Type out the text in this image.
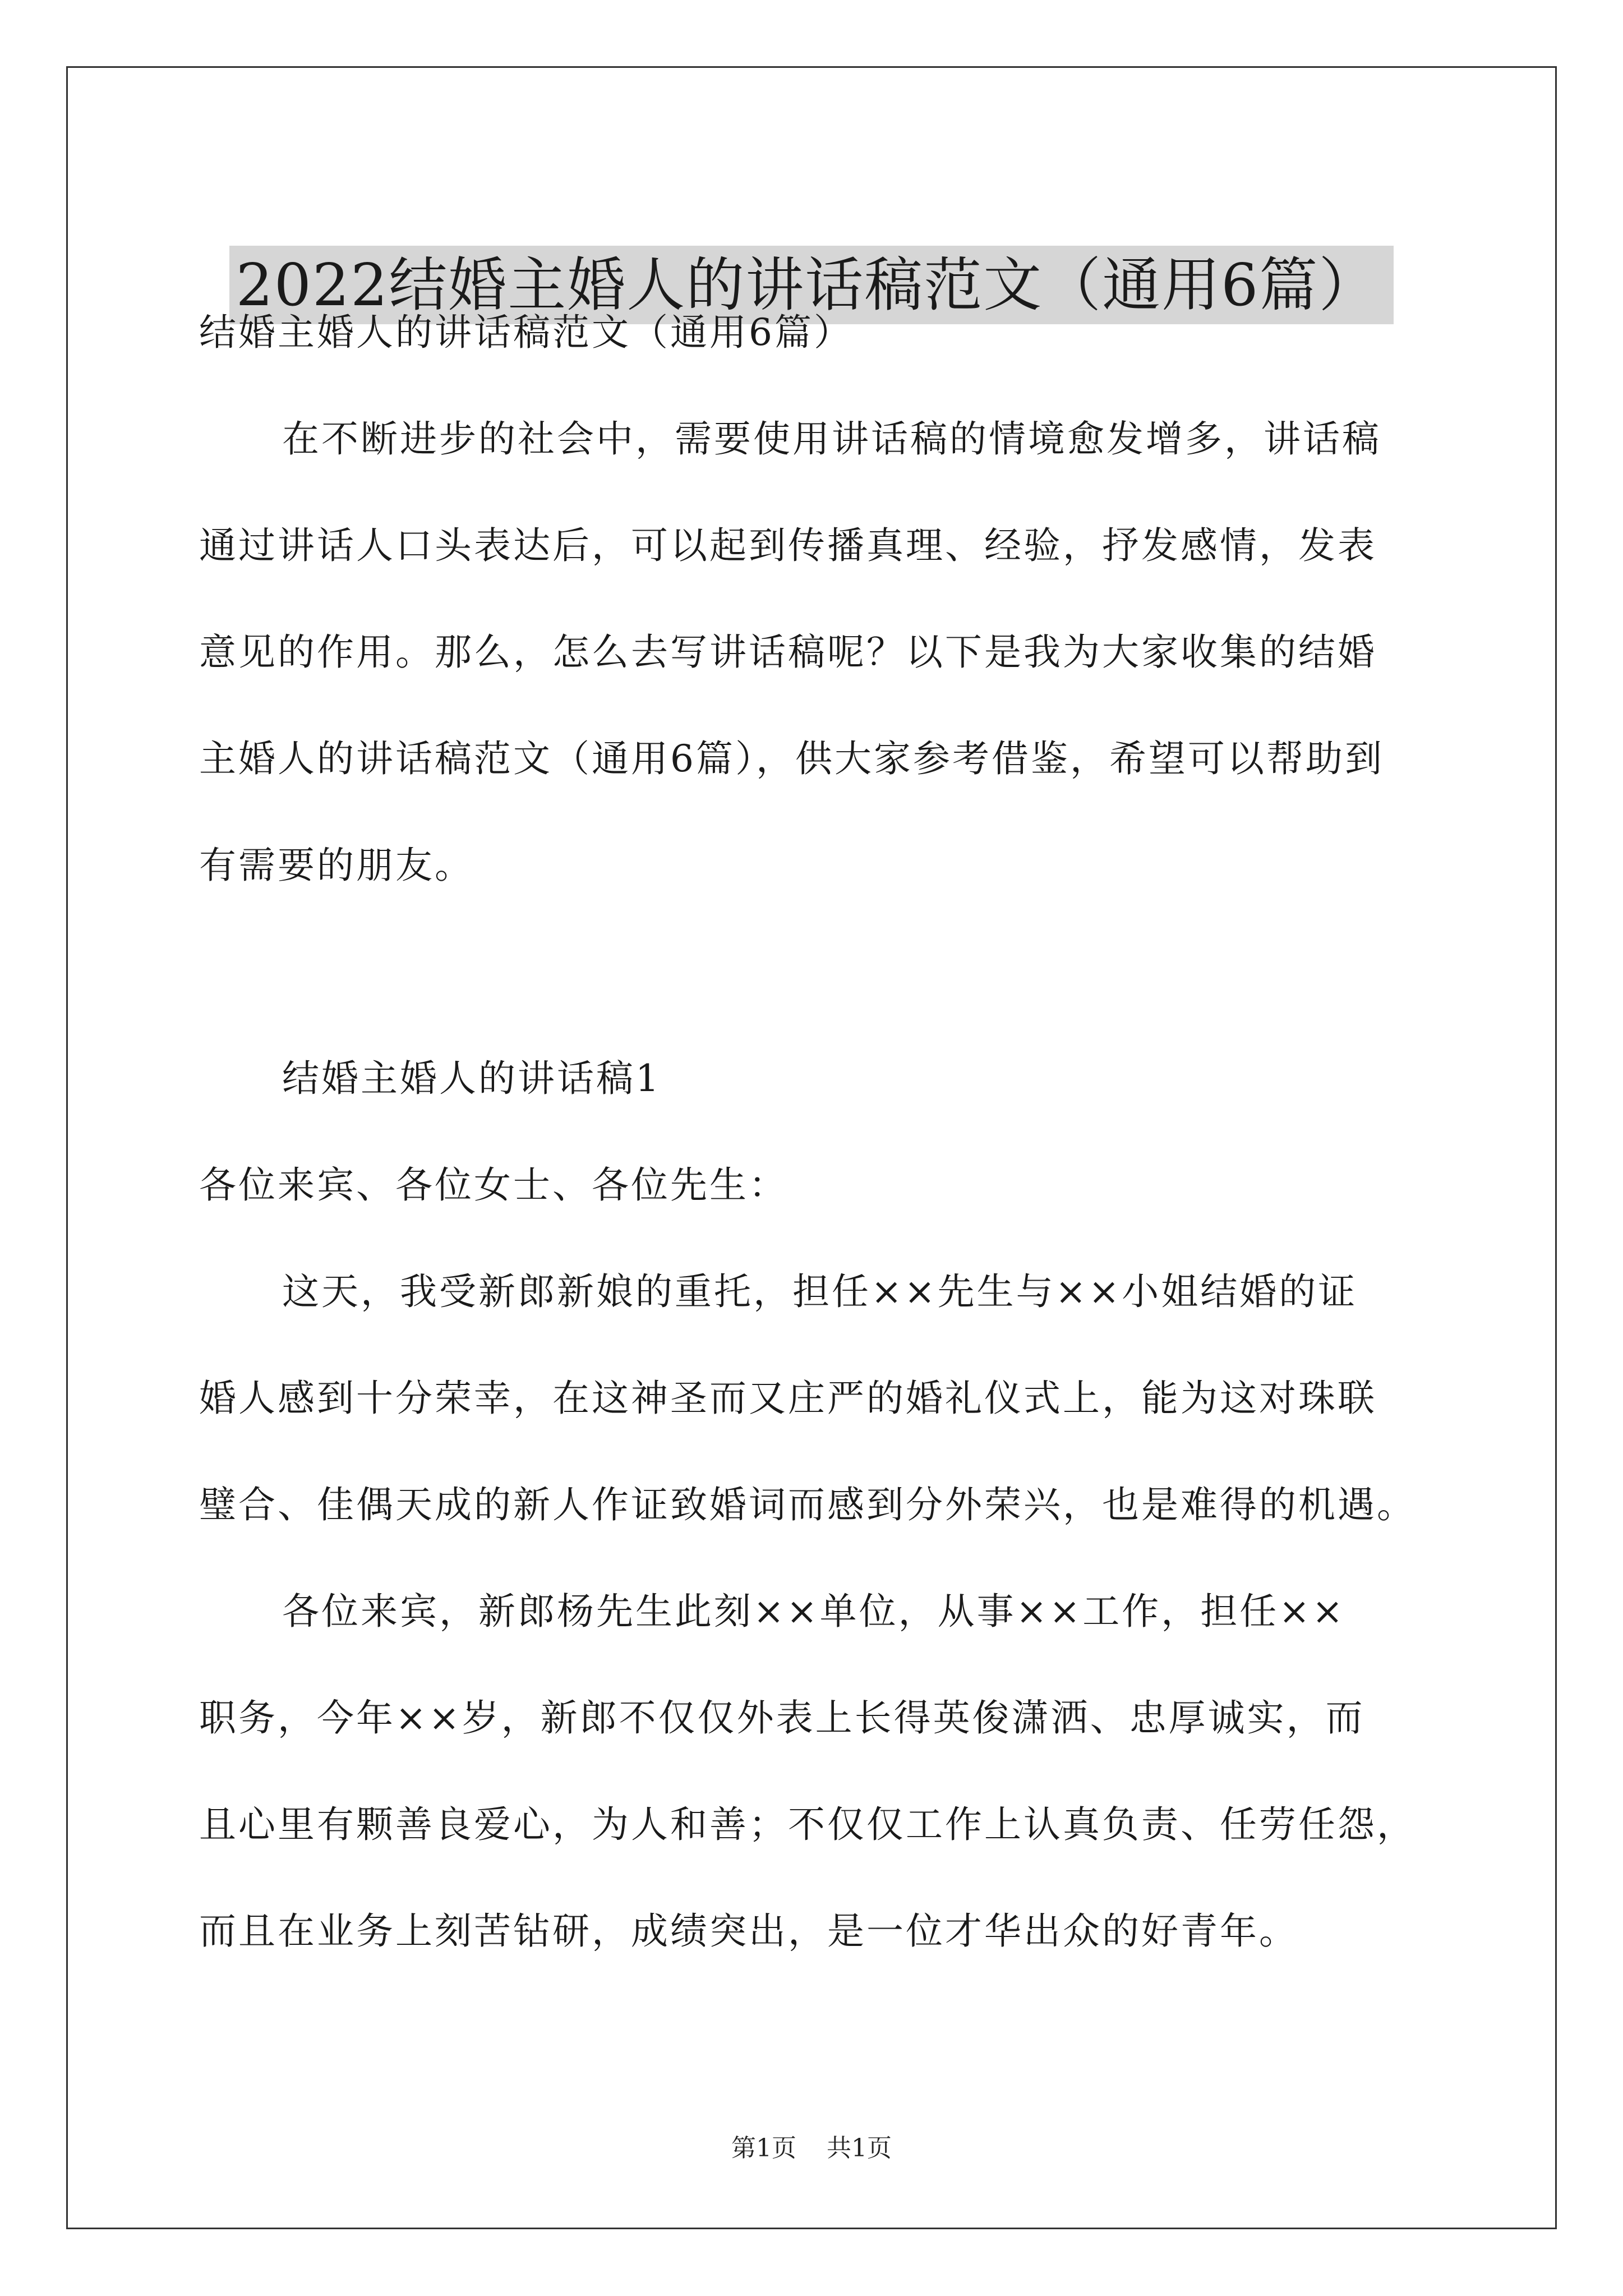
2022结婚主婚人的讲话稿范文（通用6篇）
结婚主婚人的讲话稿范文（通用6篇）
在不断进步的社会中，需要使用讲话稿的情境愈发增多，讲话稿
通过讲话人口头表达后，可以起到传播真理、经验，抒发感情，发表
意见的作用。那么，怎么去写讲话稿呢？以下是我为大家收集的结婚
主婚人的讲话稿范文（通用6篇），供大家参考借鉴，希望可以帮助到
有需要的朋友。
结婚主婚人的讲话稿1
各位来宾、各位女士、各位先生：
这天，我受新郎新娘的重托，担任××先生与××小姐结婚的证
婚人感到十分荣幸，在这神圣而又庄严的婚礼仪式上，能为这对珠联
璧合、佳偶天成的新人作证致婚词而感到分外荣兴，也是难得的机遇。
各位来宾，新郎杨先生此刻××单位，从事××工作，担任××
职务，今年××岁，新郎不仅仅外表上长得英俊潇洒、忠厚诚实，而
且心里有颗善良爱心，为人和善；不仅仅工作上认真负责、任劳任怨，
而且在业务上刻苦钻研，成绩突出，是一位才华出众的好青年。
第1页 共1页
